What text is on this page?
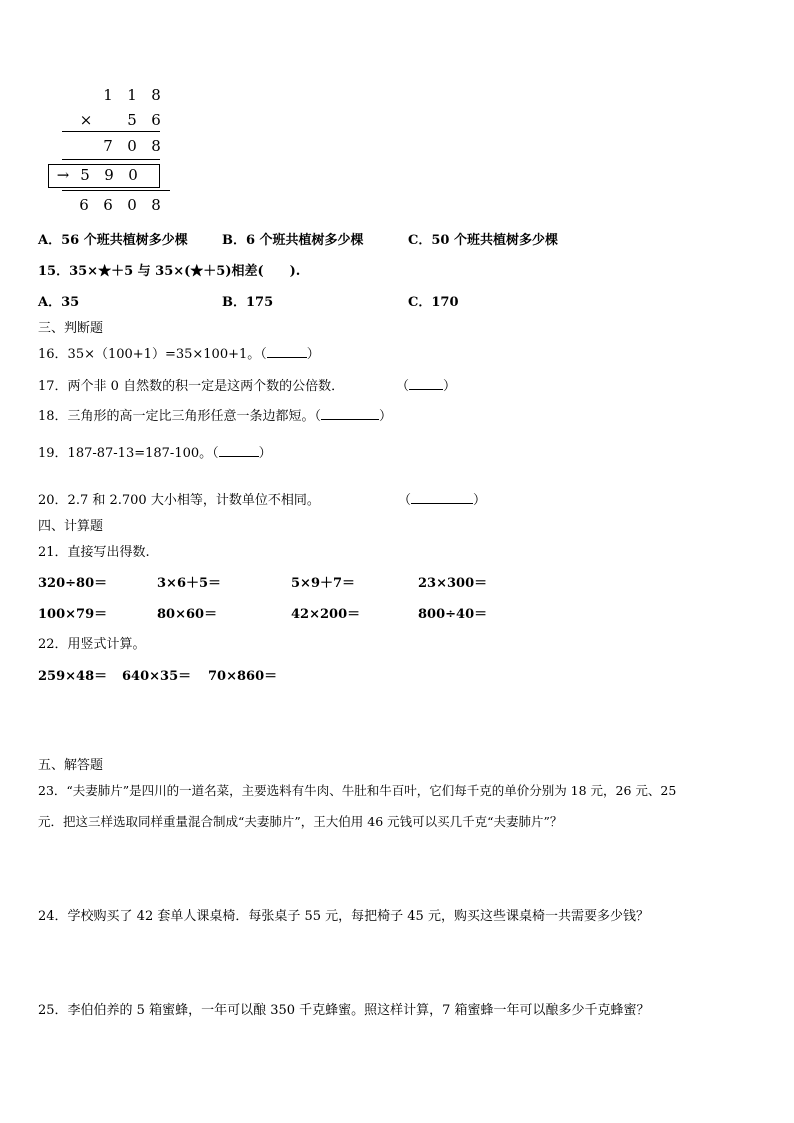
1 1 8
×	5 6
7 0 8
→ 5 9 0
6 6 0 8
A．56 个班共植树多少棵	B．6 个班共植树多少棵	C．50 个班共植树多少棵
15．35×★＋5 与 35×(★＋5)相差(　　).
A．35	B．175	C．170
三、判断题
16．35×（100+1）=35×100+1。（	）
17．两个非 0 自然数的积一定是这两个数的公倍数．	（	）
18．三角形的高一定比三角形任意一条边都短。（	）
19．187-87-13=187-100。（	）
20．2.7 和 2.700 大小相等，计数单位不相同。	（	）
四、计算题
21．直接写出得数.
320÷80＝	3×6＋5＝	5×9＋7＝	23×300＝
100×79＝	80×60＝	42×200＝	800÷40＝
22．用竖式计算。
259×48＝ 640×35＝ 70×860＝
五、解答题
23．“夫妻肺片”是四川的一道名菜，主要选料有牛肉、牛肚和牛百叶，它们每千克的单价分别为 18 元，26 元、25
元．把这三样选取同样重量混合制成“夫妻肺片”，王大伯用 46 元钱可以买几千克“夫妻肺片”？
24．学校购买了 42 套单人课桌椅．每张桌子 55 元，每把椅子 45 元，购买这些课桌椅一共需要多少钱？
25．李伯伯养的 5 箱蜜蜂，一年可以酿 350 千克蜂蜜。照这样计算，7 箱蜜蜂一年可以酿多少千克蜂蜜？
